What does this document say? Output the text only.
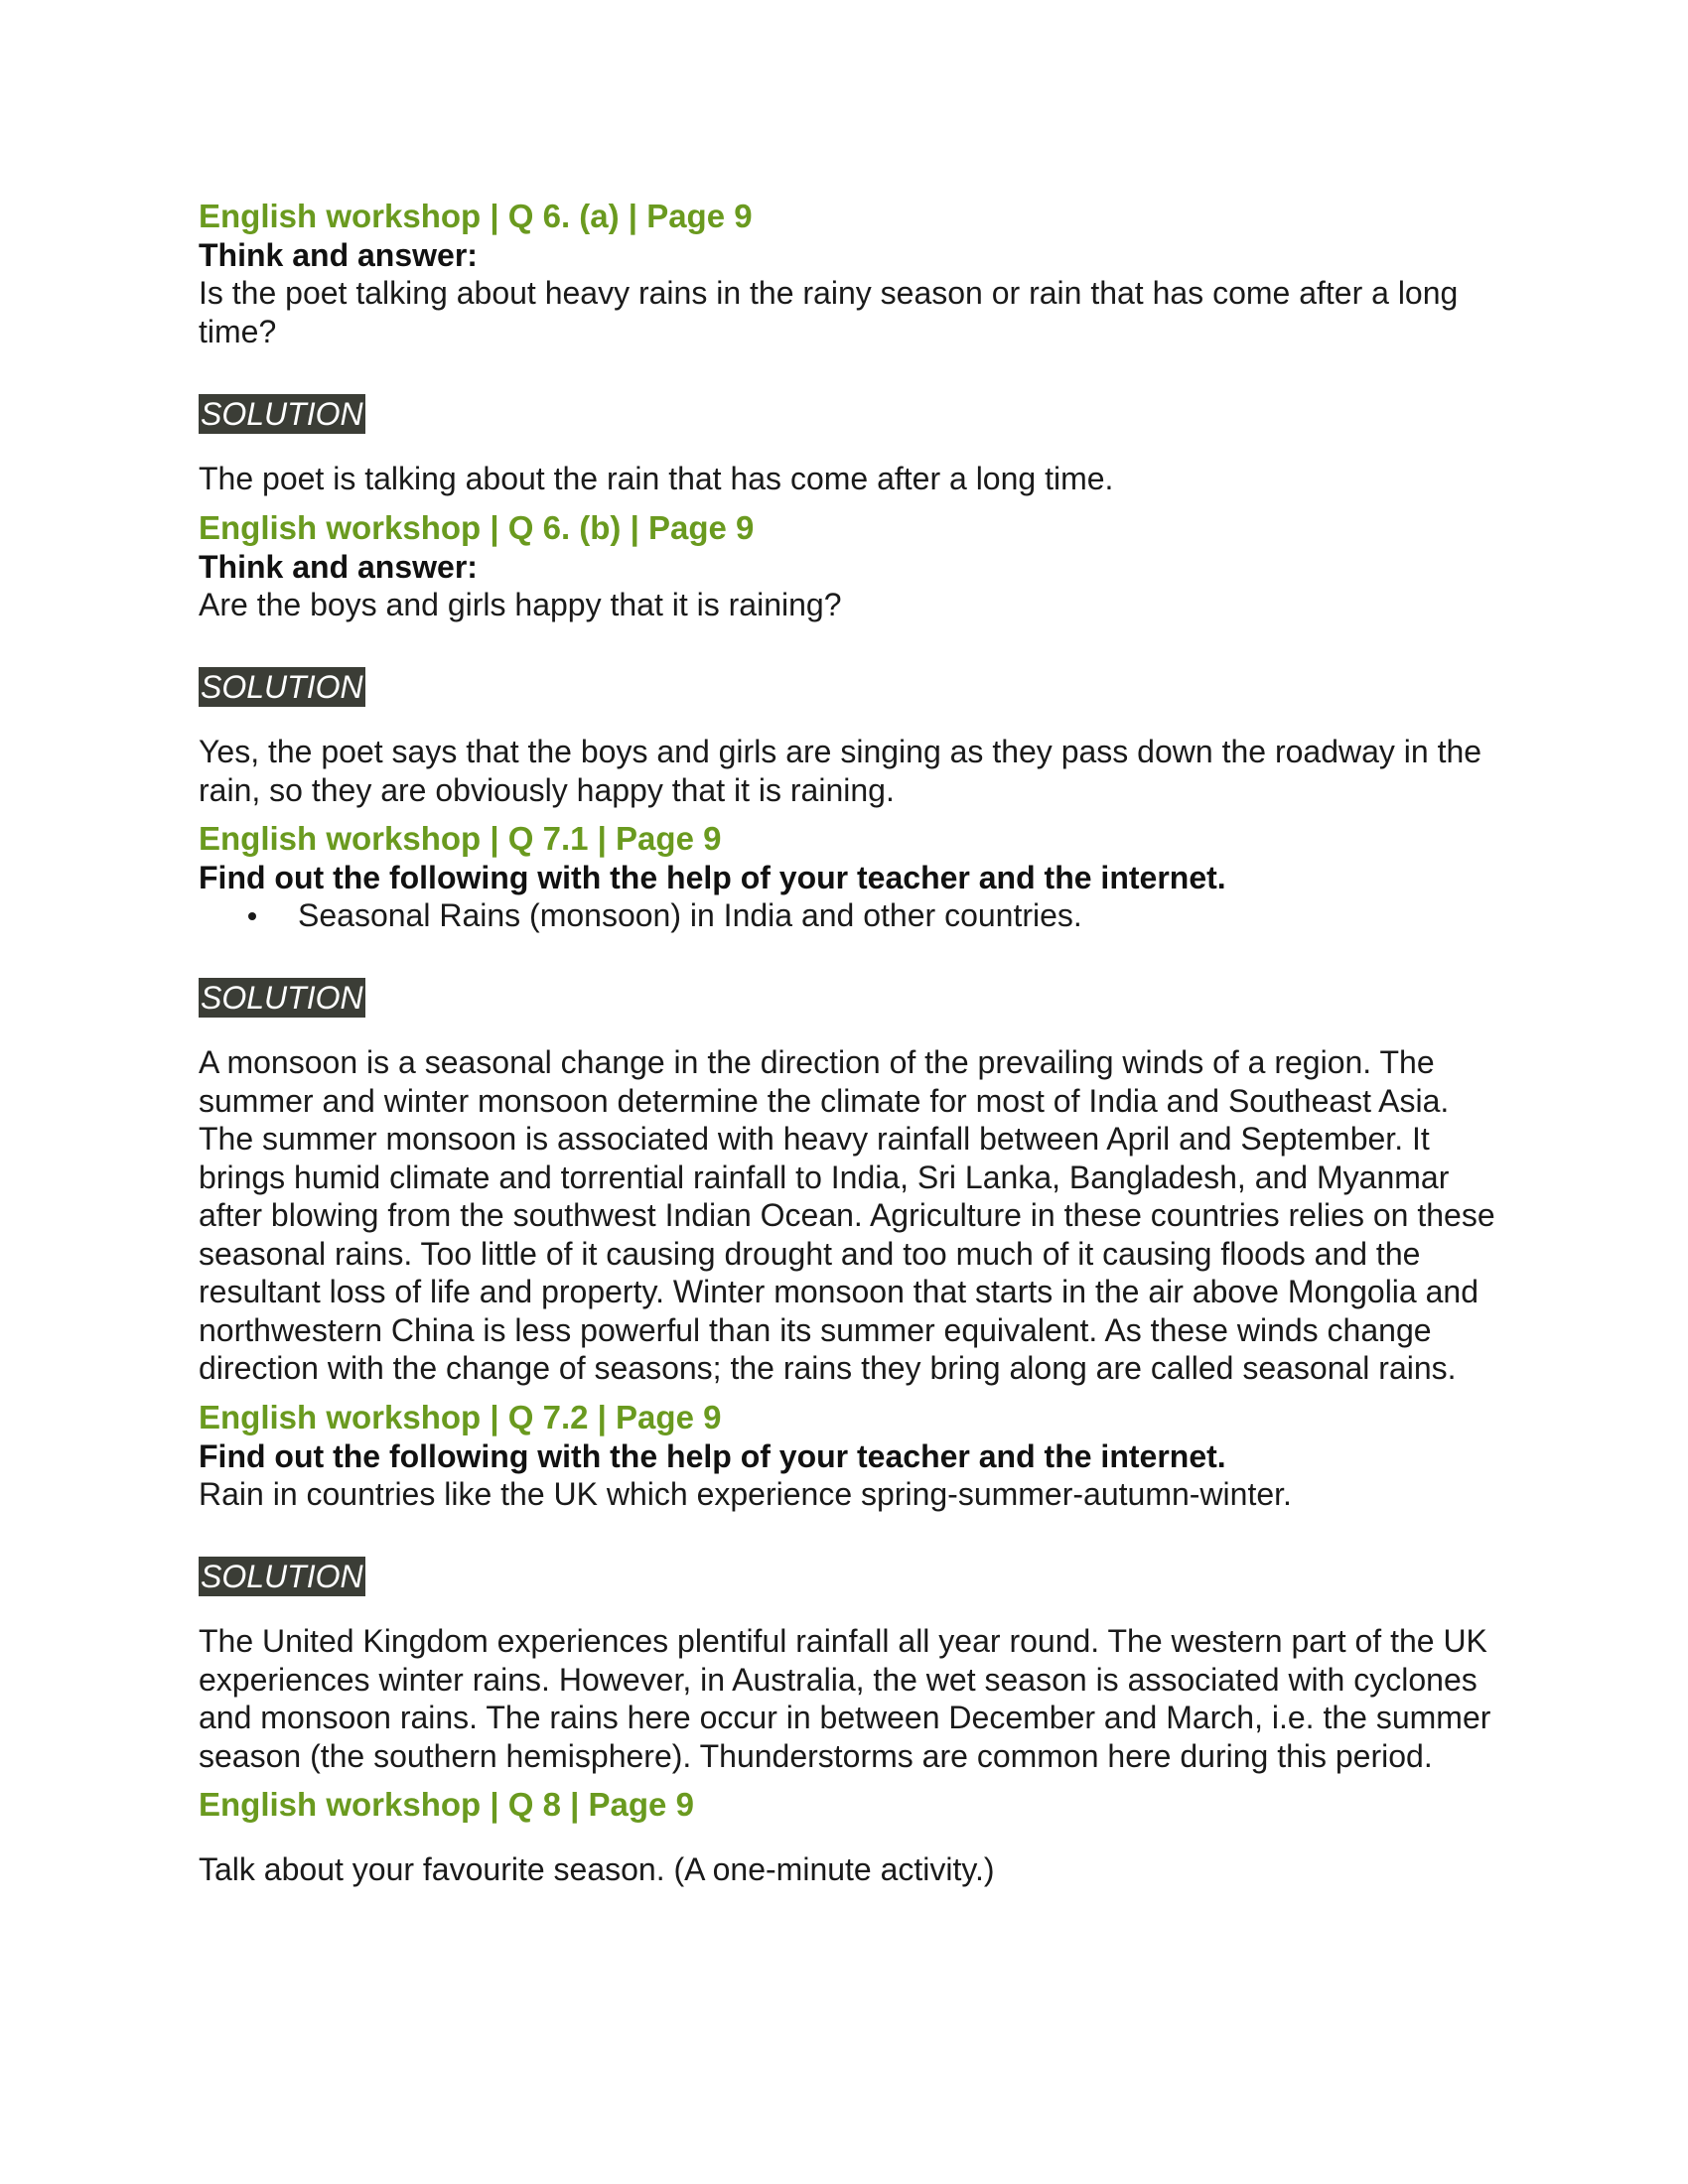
English workshop | Q 6. (a) | Page 9

Think and answer:

Is the poet talking about heavy rains in the rainy season or rain that has come after a long time?

SOLUTION

The poet is talking about the rain that has come after a long time.

English workshop | Q 6. (b) | Page 9

Think and answer:

Are the boys and girls happy that it is raining?

SOLUTION

Yes, the poet says that the boys and girls are singing as they pass down the roadway in the rain, so they are obviously happy that it is raining.

English workshop | Q 7.1 | Page 9

Find out the following with the help of your teacher and the internet.

Seasonal Rains (monsoon) in India and other countries.
SOLUTION

A monsoon is a seasonal change in the direction of the prevailing winds of a region. The summer and winter monsoon determine the climate for most of India and Southeast Asia. The summer monsoon is associated with heavy rainfall between April and September. It brings humid climate and torrential rainfall to India, Sri Lanka, Bangladesh, and Myanmar after blowing from the southwest Indian Ocean. Agriculture in these countries relies on these seasonal rains. Too little of it causing drought and too much of it causing floods and the resultant loss of life and property. Winter monsoon that starts in the air above Mongolia and northwestern China is less powerful than its summer equivalent. As these winds change direction with the change of seasons; the rains they bring along are called seasonal rains.

English workshop | Q 7.2 | Page 9

Find out the following with the help of your teacher and the internet.

Rain in countries like the UK which experience spring-summer-autumn-winter.

SOLUTION

The United Kingdom experiences plentiful rainfall all year round. The western part of the UK experiences winter rains. However, in Australia, the wet season is associated with cyclones and monsoon rains. The rains here occur in between December and March, i.e. the summer season (the southern hemisphere). Thunderstorms are common here during this period.

English workshop | Q 8 | Page 9

Talk about your favourite season. (A one-minute activity.)
